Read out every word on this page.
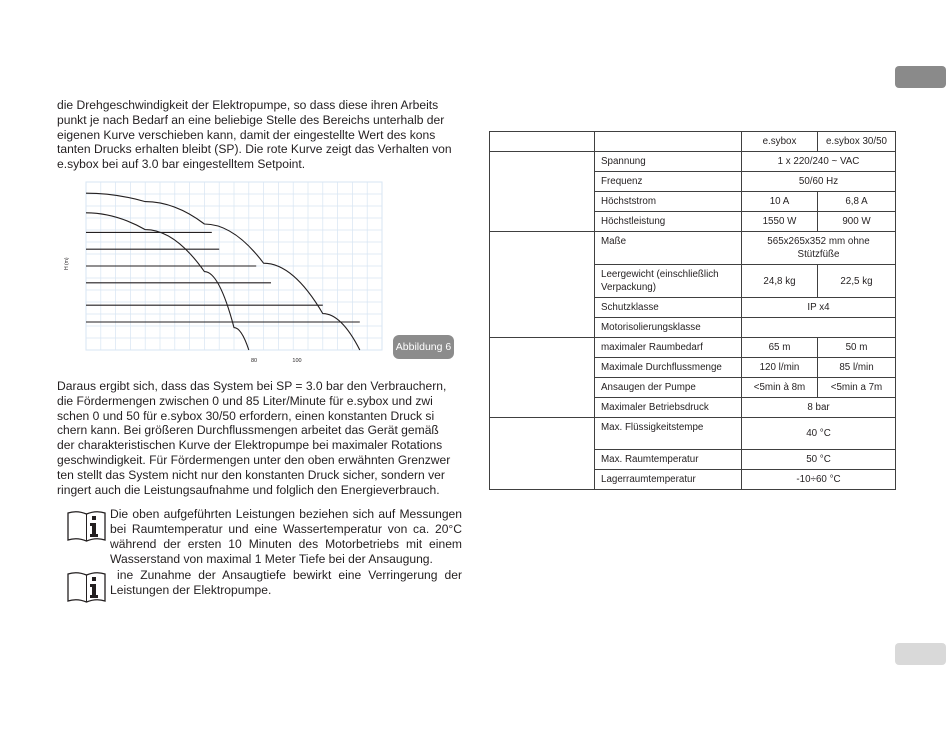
die Drehgeschwindigkeit der Elektropumpe, so dass diese ihren Arbeits
punkt je nach Bedarf an eine beliebige Stelle des Bereichs unterhalb der
eigenen Kurve verschieben kann, damit der eingestellte Wert des kons
tanten Drucks erhalten bleibt (SP). Die rote Kurve zeigt das Verhalten von
e.sybox bei auf 3.0 bar eingestelltem Setpoint.

H (m)
80	100
Abbildung 6

Daraus ergibt sich, dass das System bei SP = 3.0 bar den Verbrauchern,
die Fördermengen zwischen 0 und 85 Liter/Minute für e.sybox und zwi
schen 0 und 50 für e.sybox 30/50 erfordern, einen konstanten Druck si
chern kann. Bei größeren Durchflussmengen arbeitet das Gerät gemäß
der charakteristischen Kurve der Elektropumpe bei maximaler Rotations
geschwindigkeit. Für Fördermengen unter den oben erwähnten Grenzwer
ten stellt das System nicht nur den konstanten Druck sicher, sondern ver
ringert auch die Leistungsaufnahme und folglich den Energieverbrauch.

Die oben aufgeführten Leistungen beziehen sich auf Messungen bei Raumtemperatur und eine Wassertemperatur von ca. 20°C während der ersten 10 Minuten des Motorbetriebs mit einem Wasserstand von maximal 1 Meter Tiefe bei der Ansaugung.

ine Zunahme der Ansaugtiefe bewirkt eine Verringerung der Leistungen der Elektropumpe.

		e.sybox	e.sybox 30/50
	Spannung	1 x 220/240 ~ VAC	
	Frequenz	50/60 Hz	
	Höchststrom	10 A	6,8 A
	Höchstleistung	1550 W	900 W
	Maße	565x265x352 mm ohne Stützfüße	
	Leergewicht (einschließlich Verpackung)	24,8 kg	22,5 kg
	Schutzklasse	IP x4	
	Motorisolierungsklasse		
	maximaler Raumbedarf	65 m	50 m
	Maximale Durchflussmenge	120 l/min	85 l/min
	Ansaugen der Pumpe	<5min à 8m	<5min a 7m
	Maximaler Betriebsdruck	8 bar	
	Max. Flüssigkeitstempe	40 °C	
	Max. Raumtemperatur	50 °C	
	Lagerraumtemperatur	-10÷60 °C	
